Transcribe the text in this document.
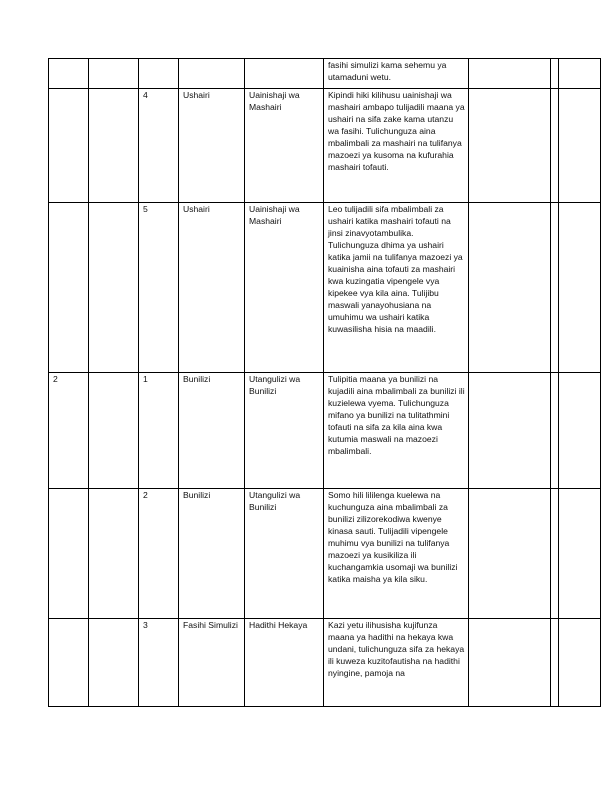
					fasihi simulizi kama sehemu ya utamaduni wetu.			
		4	Ushairi	Uainishaji wa Mashairi	Kipindi hiki kilihusu uainishaji wa mashairi ambapo tulijadili maana ya ushairi na sifa zake kama utanzu wa fasihi. Tulichunguza aina mbalimbali za mashairi na tulifanya mazoezi ya kusoma na kufurahia mashairi tofauti.			
		5	Ushairi	Uainishaji wa Mashairi	Leo tulijadili sifa mbalimbali za ushairi katika mashairi tofauti na jinsi zinavyotambulika. Tulichunguza dhima ya ushairi katika jamii na tulifanya mazoezi ya kuainisha aina tofauti za mashairi kwa kuzingatia vipengele vya kipekee vya kila aina. Tulijibu maswali yanayohusiana na umuhimu wa ushairi katika kuwasilisha hisia na maadili.			
2		1	Bunilizi	Utangulizi wa Bunilizi	Tulipitia maana ya bunilizi na kujadili aina mbalimbali za bunilizi ili kuzielewa vyema. Tulichunguza mifano ya bunilizi na tulitathmini tofauti na sifa za kila aina kwa kutumia maswali na mazoezi mbalimbali.			
		2	Bunilizi	Utangulizi wa Bunilizi	Somo hili lililenga kuelewa na kuchunguza aina mbalimbali za bunilizi zilizorekodiwa kwenye kinasa sauti. Tulijadili vipengele muhimu vya bunilizi na tulifanya mazoezi ya kusikiliza ili kuchangamkia usomaji wa bunilizi katika maisha ya kila siku.			
		3	Fasihi Simulizi	Hadithi Hekaya	Kazi yetu ilihusisha kujifunza maana ya hadithi na hekaya kwa undani, tulichunguza sifa za hekaya ili kuweza kuzitofautisha na hadithi nyingine, pamoja na			
